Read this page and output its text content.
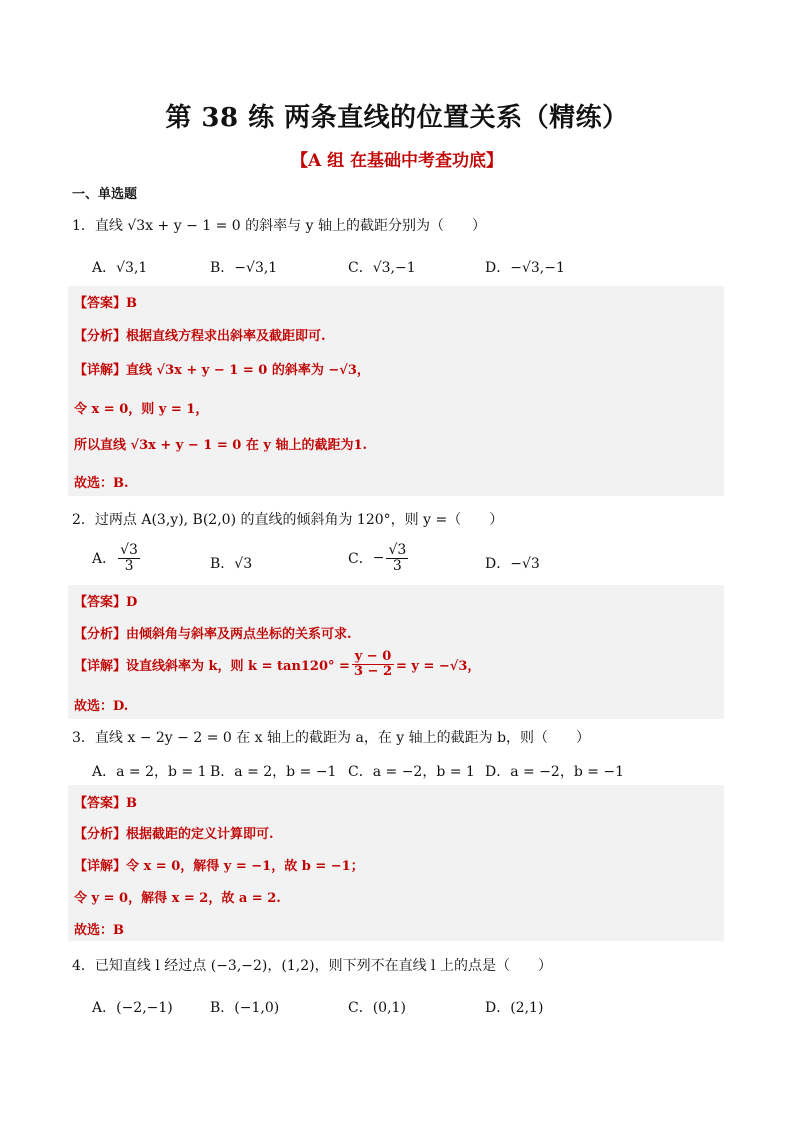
第 38 练 两条直线的位置关系（精练）
【A 组 在基础中考查功底】
一、单选题
1．直线 √3x + y − 1 = 0 的斜率与 y 轴上的截距分别为（　　）
A．√3,1	B．−√3,1	C．√3,−1	D．−√3,−1
【答案】B
【分析】根据直线方程求出斜率及截距即可.
【详解】直线 √3x + y − 1 = 0 的斜率为 −√3，
令 x = 0，则 y = 1，
所以直线 √3x + y − 1 = 0 在 y 轴上的截距为1.
故选：B.
2．过两点 A(3,y), B(2,0) 的直线的倾斜角为 120°，则 y =（　　）
A． $\frac{√3}{3}$	B．√3	C．− $\frac{√3}{3}$	D．−√3
【答案】D
【分析】由倾斜角与斜率及两点坐标的关系可求.
【详解】设直线斜率为 k，则 $k = \tan 120^\circ = \frac{y - 0}{3 - 2} = y = -√3$，
故选：D.
3．直线 x − 2y − 2 = 0 在 x 轴上的截距为 a，在 y 轴上的截距为 b，则（　　）
A．a = 2，b = 1 B．a = 2，b = −1 C．a = −2，b = 1 D．a = −2，b = −1
【答案】B
【分析】根据截距的定义计算即可.
【详解】令 x = 0，解得 y = −1，故 b = −1；
令 y = 0，解得 x = 2，故 a = 2.
故选：B
4．已知直线 l 经过点 (−3,−2)，(1,2)，则下列不在直线 l 上的点是（　　）
A．(−2,−1)	B．(−1,0)	C．(0,1)	D．(2,1)
